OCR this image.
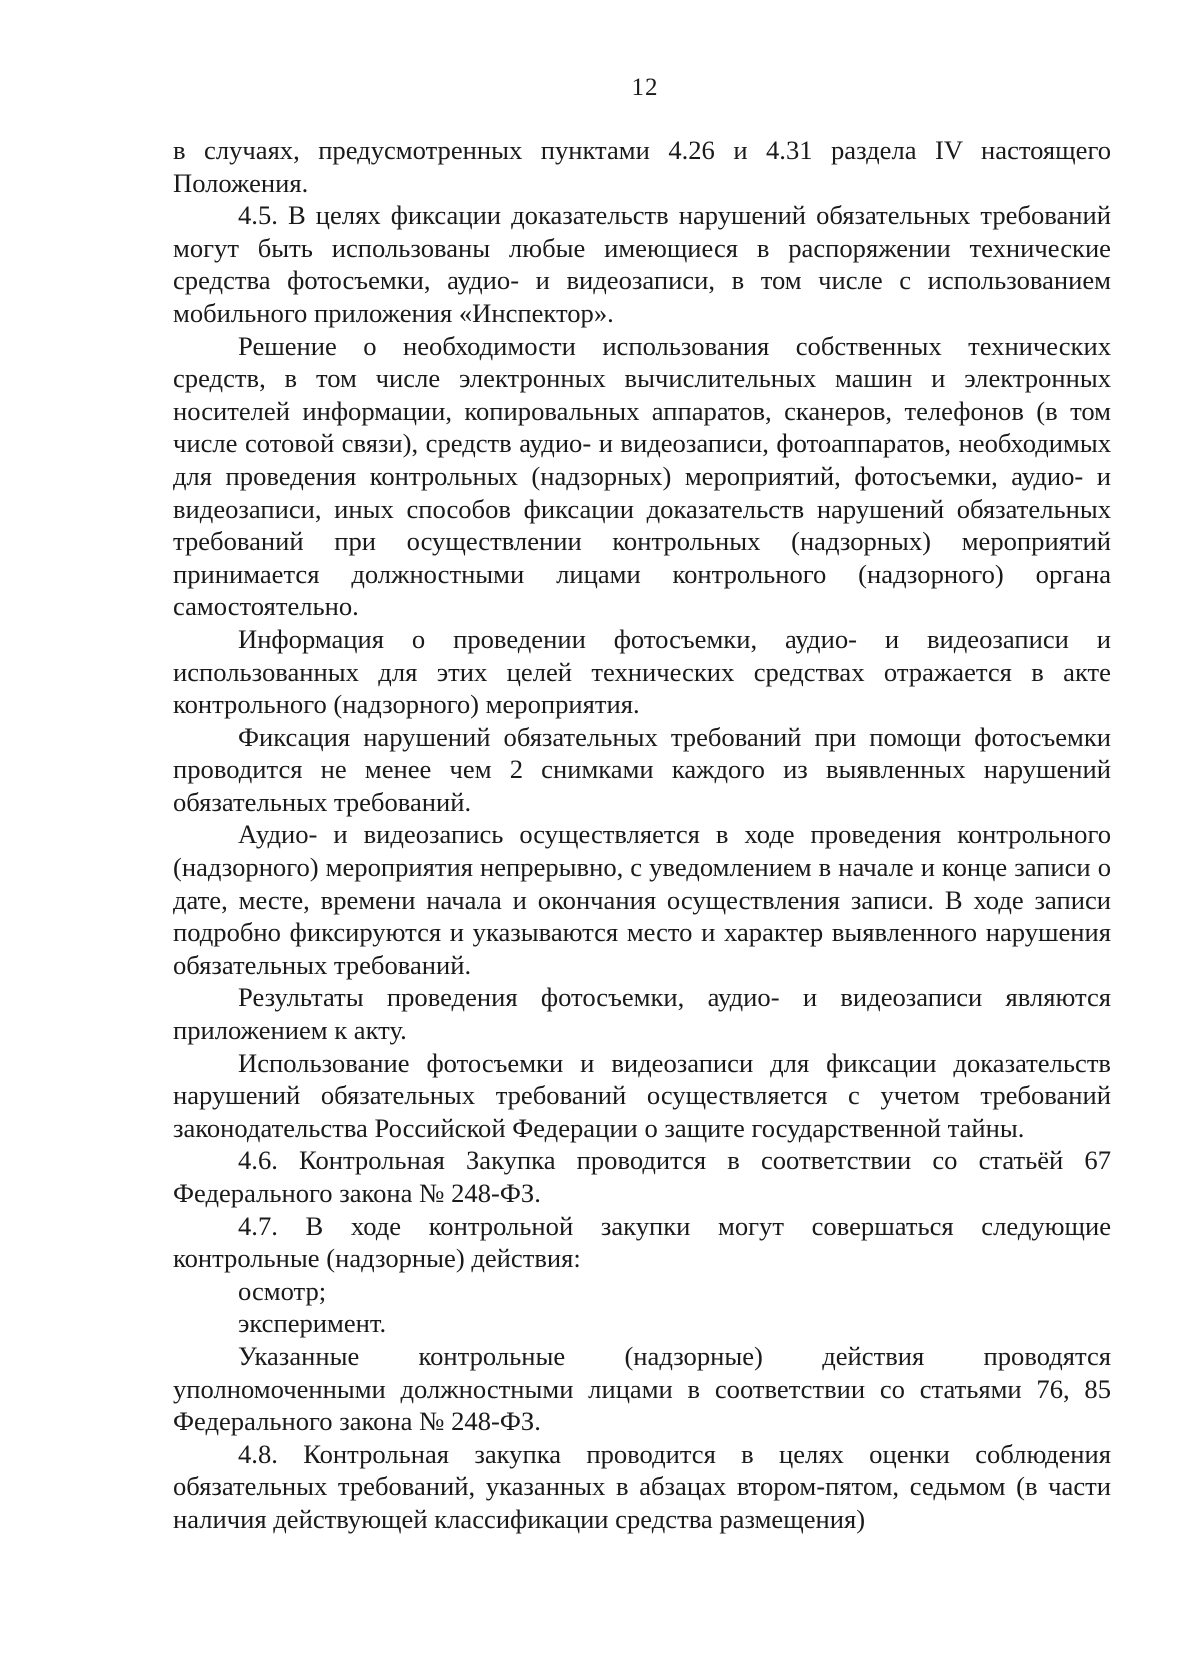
12

в случаях, предусмотренных пунктами 4.26 и 4.31 раздела IV настоящего Положения.

4.5. В целях фиксации доказательств нарушений обязательных требований могут быть использованы любые имеющиеся в распоряжении технические средства фотосъемки, аудио- и видеозаписи, в том числе с использованием мобильного приложения «Инспектор».

Решение о необходимости использования собственных технических средств, в том числе электронных вычислительных машин и электронных носителей информации, копировальных аппаратов, сканеров, телефонов (в том числе сотовой связи), средств аудио- и видеозаписи, фотоаппаратов, необходимых для проведения контрольных (надзорных) мероприятий, фотосъемки, аудио- и видеозаписи, иных способов фиксации доказательств нарушений обязательных требований при осуществлении контрольных (надзорных) мероприятий принимается должностными лицами контрольного (надзорного) органа самостоятельно.

Информация о проведении фотосъемки, аудио- и видеозаписи и использованных для этих целей технических средствах отражается в акте контрольного (надзорного) мероприятия.

Фиксация нарушений обязательных требований при помощи фотосъемки проводится не менее чем 2 снимками каждого из выявленных нарушений обязательных требований.

Аудио- и видеозапись осуществляется в ходе проведения контрольного (надзорного) мероприятия непрерывно, с уведомлением в начале и конце записи о дате, месте, времени начала и окончания осуществления записи. В ходе записи подробно фиксируются и указываются место и характер выявленного нарушения обязательных требований.

Результаты проведения фотосъемки, аудио- и видеозаписи являются приложением к акту.

Использование фотосъемки и видеозаписи для фиксации доказательств нарушений обязательных требований осуществляется с учетом требований законодательства Российской Федерации о защите государственной тайны.

4.6. Контрольная Закупка проводится в соответствии со статьёй 67 Федерального закона № 248-ФЗ.

4.7. В ходе контрольной закупки могут совершаться следующие контрольные (надзорные) действия:

осмотр;

эксперимент.

Указанные контрольные (надзорные) действия проводятся уполномоченными должностными лицами в соответствии со статьями 76, 85 Федерального закона № 248-ФЗ.

4.8. Контрольная закупка проводится в целях оценки соблюдения обязательных требований, указанных в абзацах втором-пятом, седьмом (в части наличия действующей классификации средства размещения)
